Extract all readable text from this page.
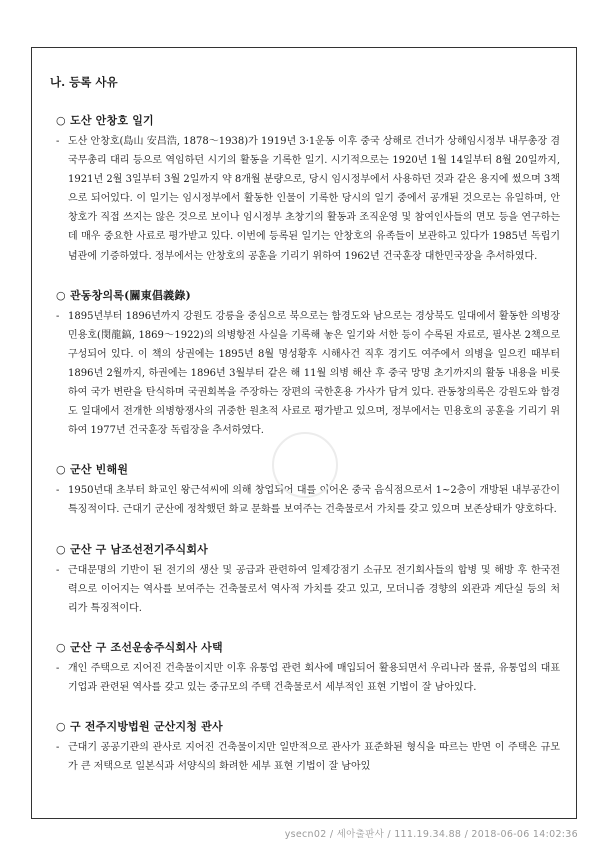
나. 등록 사유
○ 도산 안창호 일기
- 도산 안창호(島山 安昌浩, 1878～1938)가 1919년 3·1운동 이후 중국 상해로 건너가 상해임시정부 내무총장 겸 국무총리 대리 등으로 역임하던 시기의 활동을 기록한 일기. 시기적으로는 1920년 1월 14일부터 8월 20일까지, 1921년 2월 3일부터 3월 2일까지 약 8개월 분량으로, 당시 임시정부에서 사용하던 것과 같은 용지에 썼으며 3책으로 되어있다. 이 일기는 임시정부에서 활동한 인물이 기록한 당시의 일기 중에서 공개된 것으로는 유일하며, 안창호가 직접 쓰지는 않은 것으로 보이나 임시정부 초창기의 활동과 조직운영 및 참여인사들의 면모 등을 연구하는데 매우 중요한 사료로 평가받고 있다. 이번에 등록된 일기는 안창호의 유족들이 보관하고 있다가 1985년 독립기념관에 기증하였다. 정부에서는 안창호의 공훈을 기리기 위하여 1962년 건국훈장 대한민국장을 추서하였다.
○ 관동창의록(關東倡義錄)
- 1895년부터 1896년까지 강원도 강릉을 중심으로 북으로는 함경도와 남으로는 경상북도 일대에서 활동한 의병장 민용호(閔龍鎬, 1869～1922)의 의병항전 사실을 기록해 놓은 일기와 서한 등이 수록된 자료로, 필사본 2책으로 구성되어 있다. 이 책의 상권에는 1895년 8월 명성황후 시해사건 직후 경기도 여주에서 의병을 일으킨 때부터 1896년 2월까지, 하권에는 1896년 3월부터 같은 해 11월 의병 해산 후 중국 망명 초기까지의 활동 내용을 비롯하여 국가 변란을 탄식하며 국권회복을 주장하는 장편의 국한혼용 가사가 담겨 있다. 관동창의록은 강원도와 함경도 일대에서 전개한 의병항쟁사의 귀중한 원초적 사료로 평가받고 있으며, 정부에서는 민용호의 공훈을 기리기 위하여 1977년 건국훈장 독립장을 추서하였다.
○ 군산 빈해원
- 1950년대 초부터 화교인 왕근석씨에 의해 창업되어 대를 이어온 중국 음식점으로서 1~2층이 개방된 내부공간이 특징적이다. 근대기 군산에 정착했던 화교 문화를 보여주는 건축물로서 가치를 갖고 있으며 보존상태가 양호하다.
○ 군산 구 남조선전기주식회사
- 근대문명의 기반이 된 전기의 생산 및 공급과 관련하여 일제강점기 소규모 전기회사들의 합병 및 해방 후 한국전력으로 이어지는 역사를 보여주는 건축물로서 역사적 가치를 갖고 있고, 모더니즘 경향의 외관과 계단실 등의 처리가 특징적이다.
○ 군산 구 조선운송주식회사 사택
- 개인 주택으로 지어진 건축물이지만 이후 유통업 관련 회사에 매입되어 활용되면서 우리나라 물류, 유통업의 대표 기업과 관련된 역사를 갖고 있는 중규모의 주택 건축물로서 세부적인 표현 기법이 잘 남아있다.
○ 구 전주지방법원 군산지청 관사
- 근대기 공공기관의 관사로 지어진 건축물이지만 일반적으로 관사가 표준화된 형식을 따르는 반면 이 주택은 규모가 큰 저택으로 일본식과 서양식의 화려한 세부 표현 기법이 잘 남아있
ysecn02 / 세아출판사 / 111.19.34.88 / 2018-06-06 14:02:36
